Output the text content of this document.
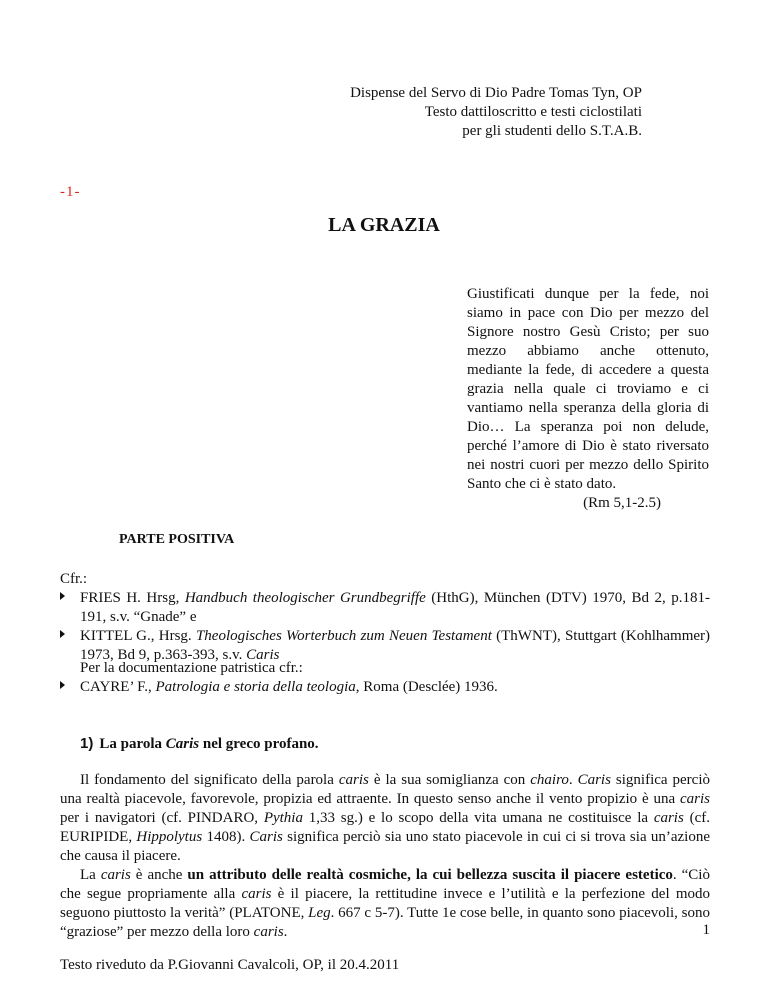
Dispense del Servo di Dio Padre Tomas Tyn, OP
Testo dattiloscritto e testi ciclostilati
per gli studenti dello S.T.A.B.
-1-
LA GRAZIA
Giustificati dunque per la fede, noi siamo in pace con Dio per mezzo del Signore nostro Gesù Cristo; per suo mezzo abbiamo anche ottenuto, mediante la fede, di accedere a questa grazia nella quale ci troviamo e ci vantiamo nella speranza della gloria di Dio… La speranza poi non delude, perché l’amore di Dio è stato riversato nei nostri cuori per mezzo dello Spirito Santo che ci è stato dato.
(Rm 5,1-2.5)
PARTE POSITIVA
Cfr.:
FRIES H. Hrsg, Handbuch theologischer Grundbegriffe (HthG), München (DTV) 1970, Bd 2, p.181-191, s.v. “Gnade” e
KITTEL G., Hrsg. Theologisches Worterbuch zum Neuen Testament (ThWNT), Stuttgart (Kohlhammer) 1973, Bd 9, p.363-393, s.v. Caris
Per la documentazione patristica cfr.:
CAYRE’ F., Patrologia e storia della teologia, Roma (Desclée) 1936.
1) La parola Caris nel greco profano.

Il fondamento del significato della parola caris è la sua somiglianza con chairo. Caris significa perciò una realtà piacevole, favorevole, propizia ed attraente. In questo senso anche il vento propizio è una caris per i navigatori (cf. PINDARO, Pythia 1,33 sg.) e lo scopo della vita umana ne costituisce la caris (cf. EURIPIDE, Hippolytus 1408). Caris significa perciò sia uno stato piacevole in cui ci si trova sia un’azione che causa il piacere.

La caris è anche un attributo delle realtà cosmiche, la cui bellezza suscita il piacere estetico. “Ciò che segue propriamente alla caris è il piacere, la rettitudine invece e l’utilità e la perfezione del modo seguono piuttosto la verità” (PLATONE, Leg. 667 c 5-7). Tutte 1e cose belle, in quanto sono piacevoli, sono “graziose” per mezzo della loro caris.	1
Testo riveduto da P.Giovanni Cavalcoli, OP, il 20.4.2011
